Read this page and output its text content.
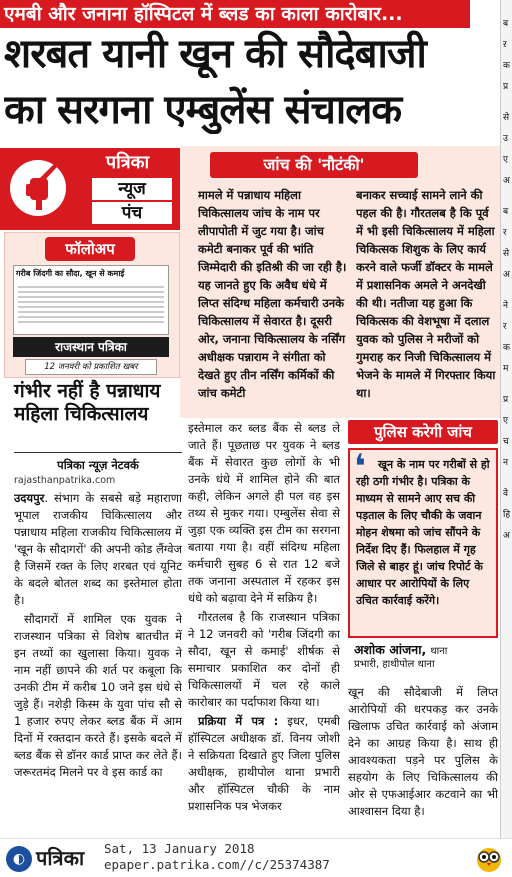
एमबी और जनाना हॉस्पिटल में ब्लड का काला कारोबार...
शरबत यानी खून की सौदेबाजी
का सरगना एम्बुलेंस संचालक
ब
ऱ
क
प्र
से
उ
ए
अ
ब
र
से
अ
ने
र
क
म
प्र
ए
च
न
वे
हि
अ
पत्रिका
न्यूज
पंच
फॉलोअप
गरीब जिंदगी का सौदा, खून से कमाई
राजस्थान पत्रिका
12 जनवरी को प्रकाशित खबर
गंभीर नहीं है पन्नाधाय महिला चिकित्सालय
पत्रिका न्यूज़ नेटवर्क
rajasthanpatrika.com

उदयपुर. संभाग के सबसे बड़े महाराणा भूपाल राजकीय चिकित्सालय और पन्नाधाय महिला राजकीय चिकित्सालय में 'खून के सौदागरों' की अपनी कोड लैंग्वेज है जिसमें रक्त के लिए शरबत एवं यूनिट के बदले बोतल शब्द का इस्तेमाल होता है।

सौदागरों में शामिल एक युवक ने राजस्थान पत्रिका से विशेष बातचीत में इन तथ्यों का खुलासा किया। युवक ने नाम नहीं छापने की शर्त पर कबूला कि उनकी टीम में करीब 10 जने इस धंधे से जुड़े हैं। नशेड़ी किस्म के युवा पांच सौ से 1 हजार रुपए लेकर ब्लड बैंक में आम दिनों में रक्तदान करते हैं। इसके बदले में ब्लड बैंक से डॉनर कार्ड प्राप्त कर लेते हैं। जरूरतमंद मिलने पर वे इस कार्ड का

जांच की 'नौटंकी'
मामले में पन्नाधाय महिला चिकित्सालय जांच के नाम पर लीपापोती में जुट गया है। जांच कमेटी बनाकर पूर्व की भांति जिम्मेदारी की इतिश्री की जा रही है। यह जानते हुए कि अवैध धंधे में लिप्त संदिग्ध महिला कर्मचारी उनके चिकित्सालय में सेवारत है। दूसरी ओर, जनाना चिकित्सालय के नर्सिंग अधीक्षक पन्नाराम ने संगीता को देखते हुए तीन नर्सिंग कर्मिकों की जांच कमेटी
बनाकर सच्चाई सामने लाने की पहल की है। गौरतलब है कि पूर्व में भी इसी चिकित्सालय में महिला चिकित्सक शिशुक के लिए कार्य करने वाले फर्जी डॉक्टर के मामले में प्रशासनिक अमले ने अनदेखी की थी। नतीजा यह हुआ कि चिकित्सक की वेशभूषा में दलाल युवक को पुलिस ने मरीजों को गुमराह कर निजी चिकित्सालय में भेजने के मामले में गिरफ्तार किया था।

इस्तेमाल कर ब्लड बैंक से ब्लड ले जाते हैं। पूछताछ पर युवक ने ब्लड बैंक में सेवारत कुछ लोगों के भी उनके धंधे में शामिल होने की बात कही, लेकिन अगले ही पल वह इस तथ्य से मुकर गया। एम्बुलेंस सेवा से जुड़ा एक व्यक्ति इस टीम का सरगना बताया गया है। वहीं संदिग्ध महिला कर्मचारी सुबह 6 से रात 12 बजे तक जनाना अस्पताल में रहकर इस धंधे को बढ़ावा देने में सक्रिय है।

गौरतलब है कि राजस्थान पत्रिका ने 12 जनवरी को 'गरीब जिंदगी का सौदा, खून से कमाई' शीर्षक से समाचार प्रकाशित कर दोनों ही चिकित्सालयों में चल रहे काले कारोबार का पर्दाफाश किया था।

प्रक्रिया में पत्र : इधर, एमबी हॉस्पिटल अधीक्षक डॉ. विनय जोशी ने सक्रियता दिखाते हुए जिला पुलिस अधीक्षक, हाथीपोल थाना प्रभारी और हॉस्पिटल चौकी के नाम प्रशासनिक पत्र भेजकर

पुलिस करेगी जांच
❛	खून के नाम पर गरीबों से हो रही ठगी गंभीर है। पत्रिका के माध्यम से सामने आए सच की पड़ताल के लिए चौकी के जवान मोहन शेषमा को जांच सौंपने के निर्देश दिए हैं। फिलहाल में गृह जिले से बाहर हूं। जांच रिपोर्ट के आधार पर आरोपियों के लिए उचित कार्रवाई करेंगे।
अशोक आंजना, थाना
प्रभारी, हाथीपोल थाना

खून की सौदेबाजी में लिप्त आरोपियों की धरपकड़ कर उनके खिलाफ उचित कार्रवाई को अंजाम देने का आग्रह किया है। साथ ही आवश्यकता पड़ने पर पुलिस के सहयोग के लिए चिकित्सालय की ओर से एफआईआर कटवाने का भी आश्वासन दिया है।

◐ पत्रिका Sat, 13 January 2018
epaper.patrika.com//c/25374387
